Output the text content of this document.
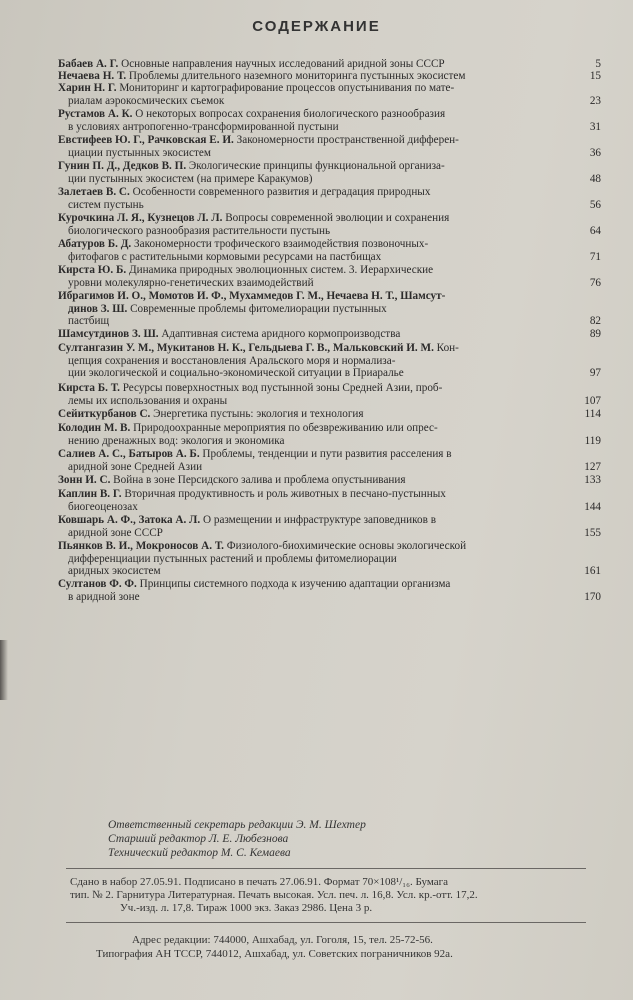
СОДЕРЖАНИЕ
Бабаев А. Г. Основные направления научных исследований аридной зоны СССР	5
Нечаева Н. Т. Проблемы длительного наземного мониторинга пустынных экосистем	15
Харин Н. Г. Мониторинг и картографирование процессов опустынивания по мате-
риалам аэрокосмических съемок	23
Рустамов А. К. О некоторых вопросах сохранения биологического разнообразия
в условиях антропогенно-трансформированной пустыни	31
Евстифеев Ю. Г., Рачковская Е. И. Закономерности пространственной дифферен-
циации пустынных экосистем	36
Гунин П. Д., Дедков В. П. Экологические принципы функциональной организа-
ции пустынных экосистем (на примере Каракумов)	48
Залетаев В. С. Особенности современного развития и деградация природных
систем пустынь	56
Курочкина Л. Я., Кузнецов Л. Л. Вопросы современной эволюции и сохранения
биологического разнообразия растительности пустынь	64
Абатуров Б. Д. Закономерности трофического взаимодействия позвоночных-
фитофагов с растительными кормовыми ресурсами на пастбищах	71
Кирста Ю. Б. Динамика природных эволюционных систем. 3. Иерархические
уровни молекулярно-генетических взаимодействий	76
Ибрагимов И. О., Момотов И. Ф., Мухаммедов Г. М., Нечаева Н. Т., Шамсут-
динов З. Ш. Современные проблемы фитомелиорации пустынных
пастбищ	82
Шамсутдинов З. Ш. Адаптивная система аридного кормопроизводства	89
Султангазин У. М., Мукитанов Н. К., Гельдыева Г. В., Мальковский И. М. Кон-
цепция сохранения и восстановления Аральского моря и нормализа-
ции экологической и социально-экономической ситуации в Приаралье	97
Кирста Б. Т. Ресурсы поверхностных вод пустынной зоны Средней Азии, проб-
лемы их использования и охраны	107
Сейиткурбанов С. Энергетика пустынь: экология и технология	114
Колодин М. В. Природоохранные мероприятия по обезвреживанию или опрес-
нению дренажных вод: экология и экономика	119
Салиев А. С., Батыров А. Б. Проблемы, тенденции и пути развития расселения в
аридной зоне Средней Азии	127
Зонн И. С. Война в зоне Персидского залива и проблема опустынивания	133
Каплин В. Г. Вторичная продуктивность и роль животных в песчано-пустынных
биогеоценозах	144
Ковшарь А. Ф., Затока А. Л. О размещении и инфраструктуре заповедников в
аридной зоне СССР	155
Пьянков В. И., Мокроносов А. Т. Физиолого-биохимические основы экологической
дифференциации пустынных растений и проблемы фитомелиорации
аридных экосистем	161
Султанов Ф. Ф. Принципы системного подхода к изучению адаптации организма
в аридной зоне	170
Ответственный секретарь редакции Э. М. Шехтер
Старший редактор Л. Е. Любезнова
Технический редактор М. С. Кемаева
Сдано в набор 27.05.91. Подписано в печать 27.06.91. Формат 70×108¹/₁₆. Бумага
тип. № 2. Гарнитура Литературная. Печать высокая. Усл. печ. л. 16,8. Усл. кр.-отт. 17,2.
Уч.-изд. л. 17,8. Тираж 1000 экз. Заказ 2986. Цена 3 р.
Адрес редакции: 744000, Ашхабад, ул. Гоголя, 15, тел. 25-72-56.
Типография АН ТССР, 744012, Ашхабад, ул. Советских пограничников 92а.
